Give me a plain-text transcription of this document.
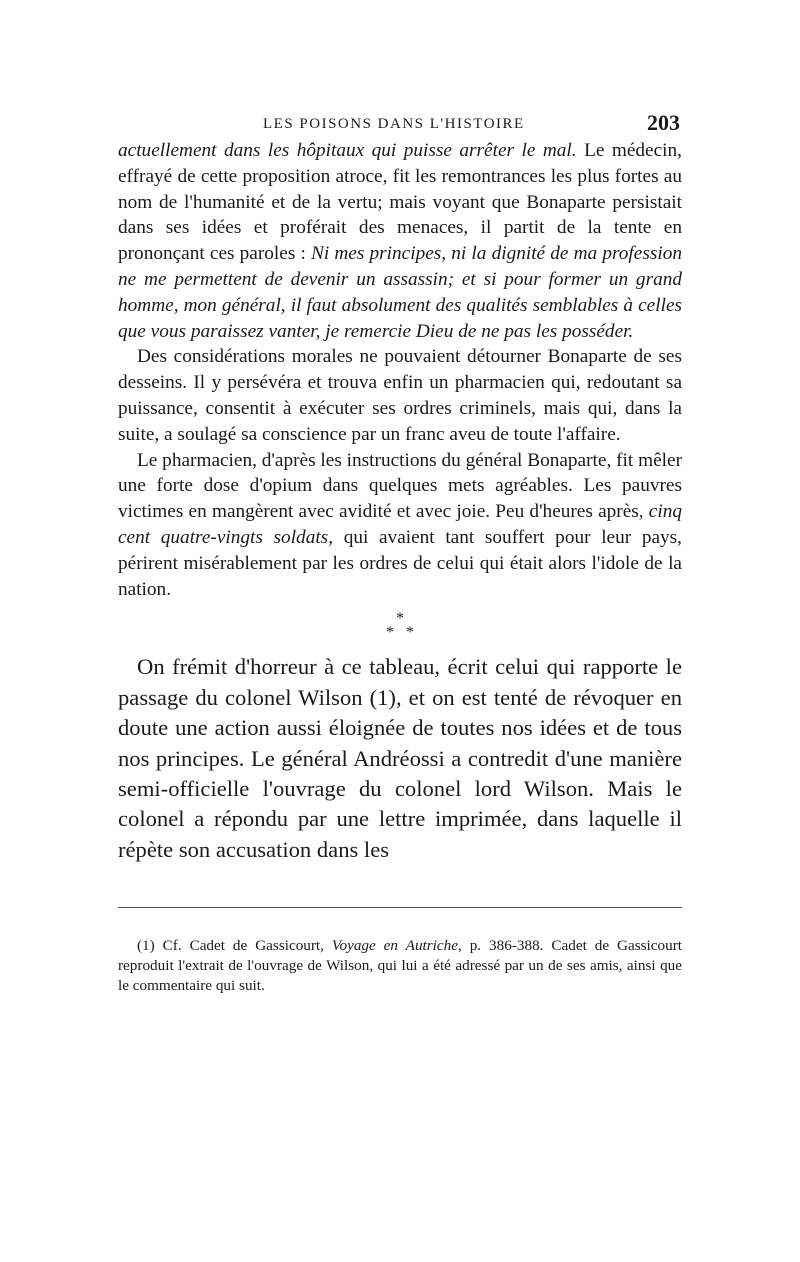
LES POISONS DANS L'HISTOIRE	203

actuellement dans les hôpitaux qui puisse arrêter le mal. Le médecin, effrayé de cette proposition atroce, fit les remontrances les plus fortes au nom de l'humanité et de la vertu; mais voyant que Bonaparte persistait dans ses idées et proférait des menaces, il partit de la tente en prononçant ces paroles : Ni mes principes, ni la dignité de ma profession ne me permettent de devenir un assassin; et si pour former un grand homme, mon général, il faut absolument des qualités semblables à celles que vous paraissez vanter, je remercie Dieu de ne pas les posséder.

Des considérations morales ne pouvaient détourner Bonaparte de ses desseins. Il y persévéra et trouva enfin un pharmacien qui, redoutant sa puissance, consentit à exécuter ses ordres criminels, mais qui, dans la suite, a soulagé sa conscience par un franc aveu de toute l'affaire.

Le pharmacien, d'après les instructions du général Bonaparte, fit mêler une forte dose d'opium dans quelques mets agréables. Les pauvres victimes en mangèrent avec avidité et avec joie. Peu d'heures après, cinq cent quatre-vingts soldats, qui avaient tant souffert pour leur pays, périrent misérablement par les ordres de celui qui était alors l'idole de la nation.

*
*   *

On frémit d'horreur à ce tableau, écrit celui qui rapporte le passage du colonel Wilson (1), et on est tenté de révoquer en doute une action aussi éloignée de toutes nos idées et de tous nos principes. Le général Andréossi a contredit d'une manière semi-officielle l'ouvrage du colonel lord Wilson. Mais le colonel a répondu par une lettre imprimée, dans laquelle il répète son accusation dans les

(1) Cf. Cadet de Gassicourt, Voyage en Autriche, p. 386-388. Cadet de Gassicourt reproduit l'extrait de l'ouvrage de Wilson, qui lui a été adressé par un de ses amis, ainsi que le commentaire qui suit.
